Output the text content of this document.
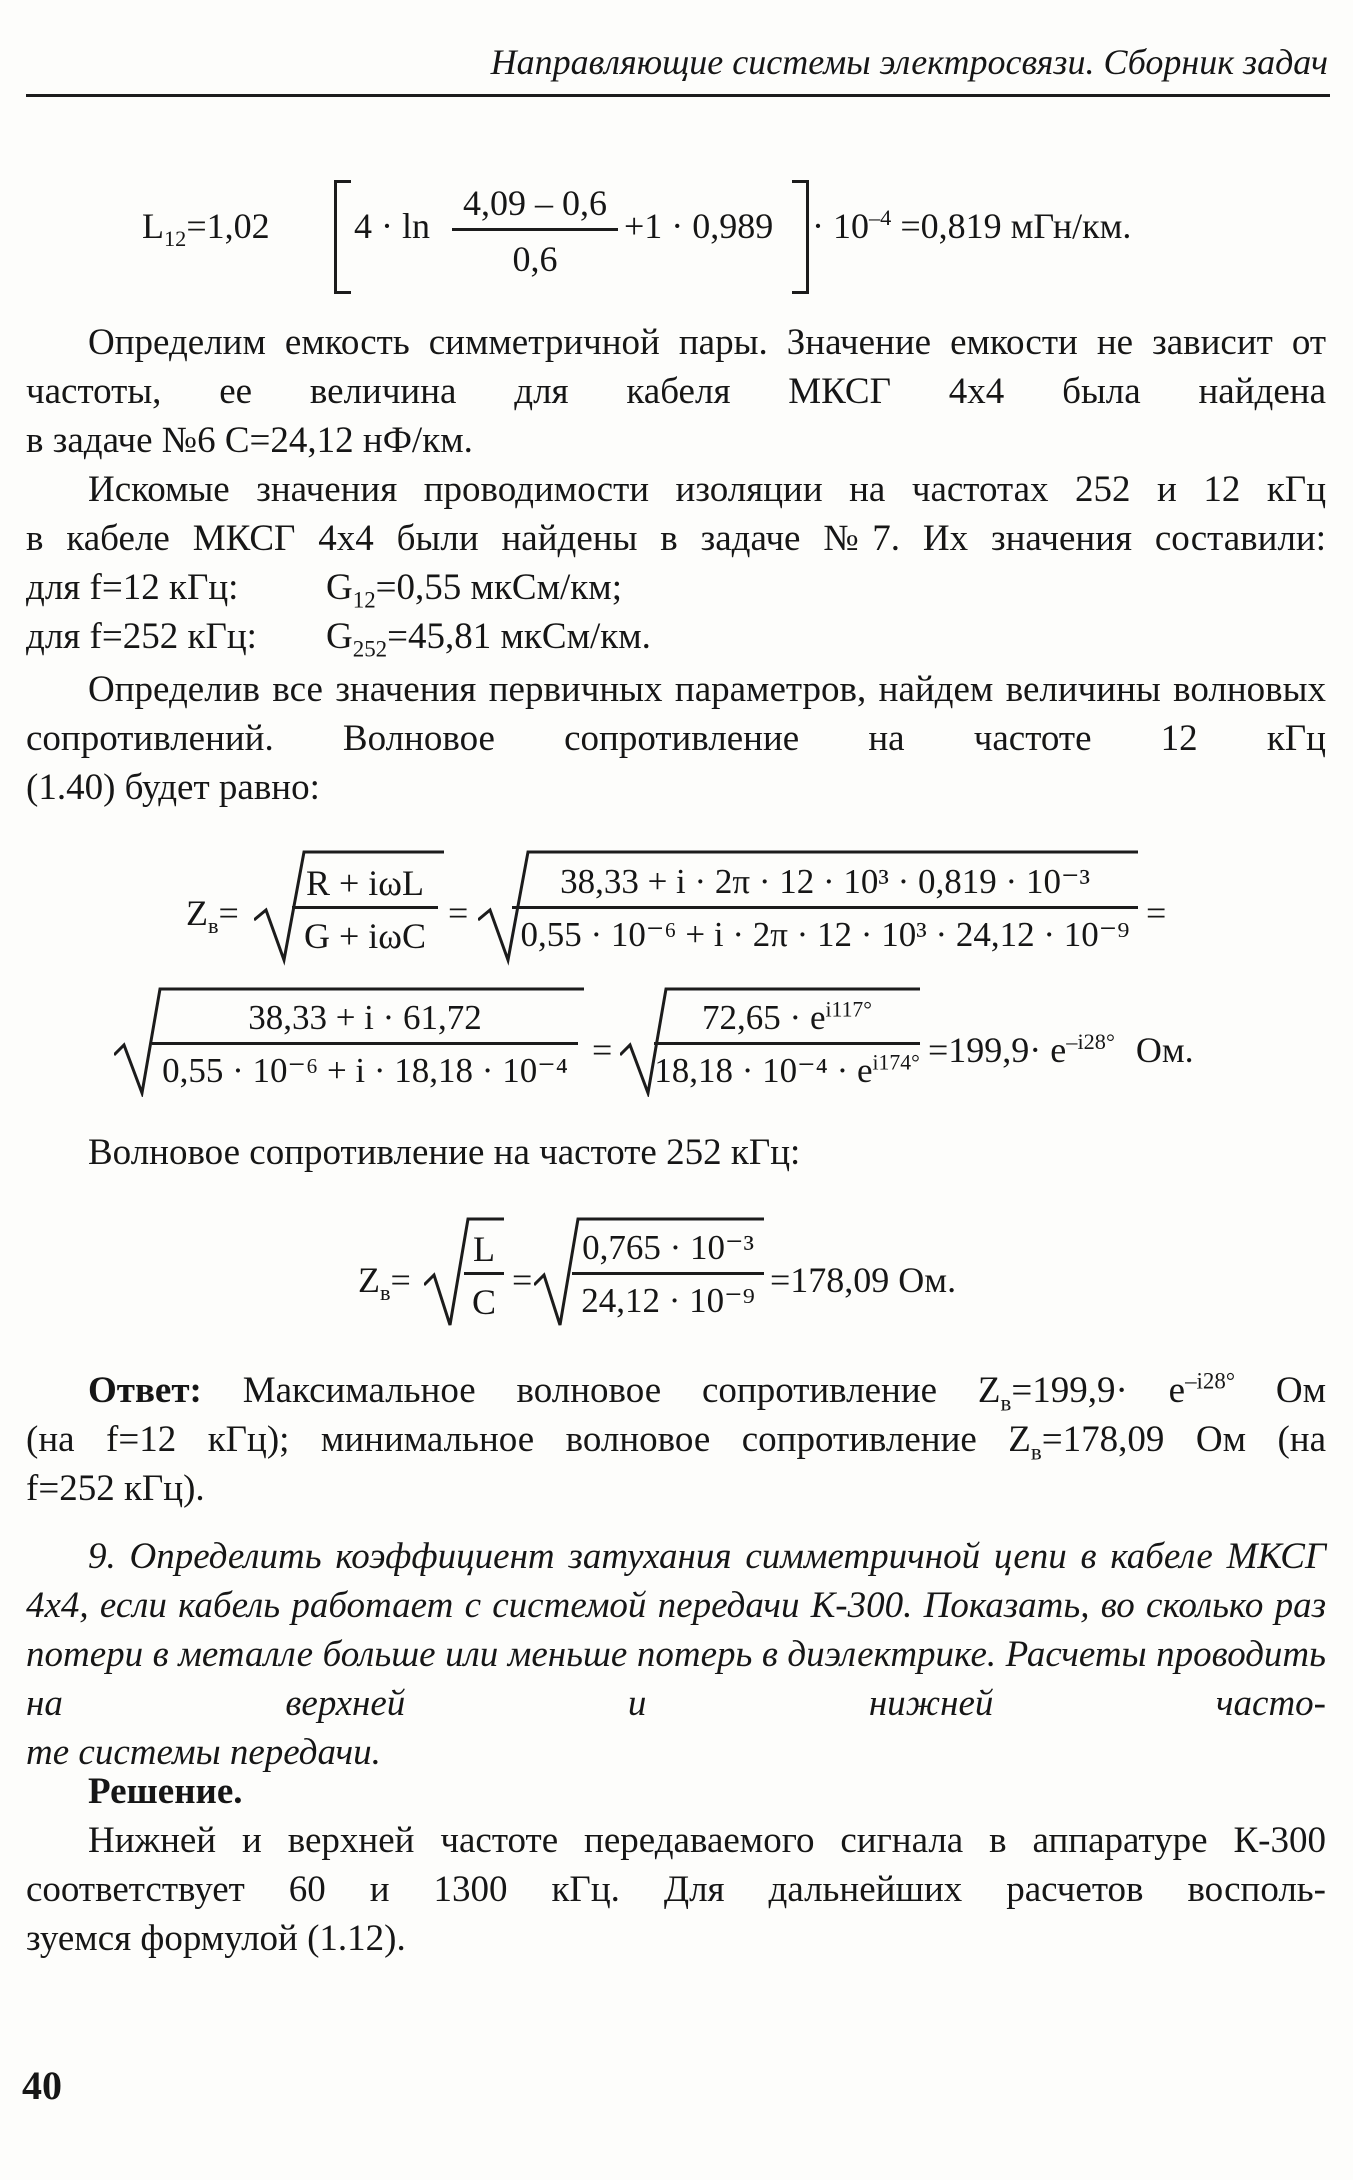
Направляющие системы электросвязи. Сборник задач
$L_{12}=1,02$ 4 · ln
4,09 – 0,6
0,6
$+1 \cdot 0,989 \cdot 10^{-4} =0,819$ мГн/км.
Определим емкость симметричной пары. Значение емкости не зависит от частоты, ее величина для кабеля МКСГ 4х4 была найдена
в задаче №6 С=24,12 нФ/км.
Искомые значения проводимости изоляции на частотах 252 и 12 кГц
в кабеле МКСГ 4х4 были найдены в задаче №7. Их значения составили:
для f=12 кГц: $G_{12}=0,55$ мкСм/км;
для f=252 кГц: $G_{252}=45,81$ мкСм/км.
Определив все значения первичных параметров, найдем величины волновых сопротивлений. Волновое сопротивление на частоте 12 кГц
(1.40) будет равно:
$Z_в=$
R + iωL
G + iωC
=
38,33 + i · 2π · 12 · 10³ · 0,819 · 10⁻³
0,55 · 10⁻⁶ + i · 2π · 12 · 10³ · 24,12 · 10⁻⁹
=
38,33 + i · 61,72
0,55 · 10⁻⁶ + i · 18,18 · 10⁻⁴
=
$72,65 \cdot e^{i117^\circ}$
$18,18 \cdot 10^{-4} \cdot e^{i174^\circ} =199,9\cdot e^{-i28^\circ}$ Ом.
Волновое сопротивление на частоте 252 кГц:
$Z_в=$
L
C
=
0,765 · 10⁻³
24,12 · 10⁻⁹
=178,09 Ом.
Ответ: Максимальное волновое сопротивление $Z_в=199,9\cdot e^{-i28^\circ}$ Ом
(на f=12 кГц); минимальное волновое сопротивление $Z_в=178,09$ Ом (на
f=252 кГц).
9. Определить коэффициент затухания симметричной цепи в кабеле МКСГ 4х4, если кабель работает с системой передачи К-300. Показать, во сколько раз потери в металле больше или меньше потерь в диэлектрике. Расчеты проводить на верхней и нижней часто-
те системы передачи.
Решение.
Нижней и верхней частоте передаваемого сигнала в аппаратуре К-300 соответствует 60 и 1300 кГц. Для дальнейших расчетов восполь-
зуемся формулой (1.12).
40
